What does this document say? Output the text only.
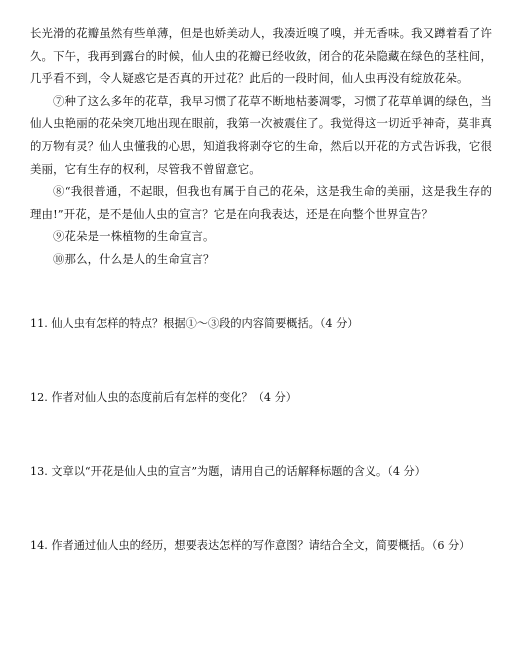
长光滑的花瓣虽然有些单薄，但是也娇美动人，我凑近嗅了嗅，并无香味。我又蹲着看了许久。下午，我再到露台的时候，仙人虫的花瓣已经收敛，闭合的花朵隐藏在绿色的茎柱间，几乎看不到，令人疑惑它是否真的开过花？此后的一段时间，仙人虫再没有绽放花朵。

⑦种了这么多年的花草，我早习惯了花草不断地枯萎凋零，习惯了花草单调的绿色，当仙人虫艳丽的花朵突兀地出现在眼前，我第一次被震住了。我觉得这一切近乎神奇，莫非真的万物有灵？仙人虫懂我的心思，知道我将剥夺它的生命，然后以开花的方式告诉我，它很美丽，它有生存的权利，尽管我不曾留意它。

⑧“我很普通，不起眼，但我也有属于自己的花朵，这是我生命的美丽，这是我生存的理由!”开花，是不是仙人虫的宣言？它是在向我表达，还是在向整个世界宣告？

⑨花朵是一株植物的生命宣言。

⑩那么，什么是人的生命宣言？

11. 仙人虫有怎样的特点？根据①～③段的内容简要概括。（4 分）

12. 作者对仙人虫的态度前后有怎样的变化？（4 分）

13. 文章以“开花是仙人虫的宣言”为题，请用自己的话解释标题的含义。（4 分）

14. 作者通过仙人虫的经历，想要表达怎样的写作意图？请结合全文，简要概括。（6 分）
